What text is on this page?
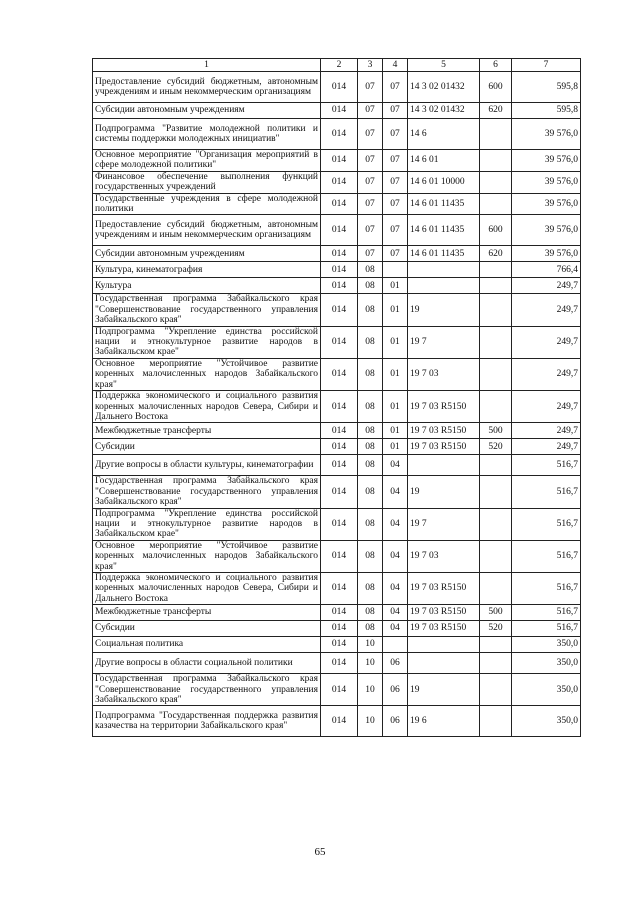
1	2	3	4	5	6	7
Предоставление субсидий бюджетным, автономным учреждениям и иным некоммерческим организациям	014	07	07	14 3 02 01432	600	595,8
Субсидии автономным учреждениям	014	07	07	14 3 02 01432	620	595,8
Подпрограмма "Развитие молодежной политики и системы поддержки молодежных инициатив"	014	07	07	14 6		39 576,0
Основное мероприятие "Организация мероприятий в сфере молодежной политики"	014	07	07	14 6 01		39 576,0
Финансовое обеспечение выполнения функций государственных учреждений	014	07	07	14 6 01 10000		39 576,0
Государственные учреждения в сфере молодежной политики	014	07	07	14 6 01 11435		39 576,0
Предоставление субсидий бюджетным, автономным учреждениям и иным некоммерческим организациям	014	07	07	14 6 01 11435	600	39 576,0
Субсидии автономным учреждениям	014	07	07	14 6 01 11435	620	39 576,0
Культура, кинематография	014	08				766,4
Культура	014	08	01			249,7
Государственная программа Забайкальского края "Совершенствование государственного управления Забайкальского края"	014	08	01	19		249,7
Подпрограмма "Укрепление единства российской нации и этнокультурное развитие народов в Забайкальском крае"	014	08	01	19 7		249,7
Основное мероприятие "Устойчивое развитие коренных малочисленных народов Забайкальского края"	014	08	01	19 7 03		249,7
Поддержка экономического и социального развития коренных малочисленных народов Севера, Сибири и Дальнего Востока	014	08	01	19 7 03 R5150		249,7
Межбюджетные трансферты	014	08	01	19 7 03 R5150	500	249,7
Субсидии	014	08	01	19 7 03 R5150	520	249,7
Другие вопросы в области культуры, кинематографии	014	08	04			516,7
Государственная программа Забайкальского края "Совершенствование государственного управления Забайкальского края"	014	08	04	19		516,7
Подпрограмма "Укрепление единства российской нации и этнокультурное развитие народов в Забайкальском крае"	014	08	04	19 7		516,7
Основное мероприятие "Устойчивое развитие коренных малочисленных народов Забайкальского края"	014	08	04	19 7 03		516,7
Поддержка экономического и социального развития коренных малочисленных народов Севера, Сибири и Дальнего Востока	014	08	04	19 7 03 R5150		516,7
Межбюджетные трансферты	014	08	04	19 7 03 R5150	500	516,7
Субсидии	014	08	04	19 7 03 R5150	520	516,7
Социальная политика	014	10				350,0
Другие вопросы в области социальной политики	014	10	06			350,0
Государственная программа Забайкальского края "Совершенствование государственного управления Забайкальского края"	014	10	06	19		350,0
Подпрограмма "Государственная поддержка развития казачества на территории Забайкальского края"	014	10	06	19 6		350,0
65
